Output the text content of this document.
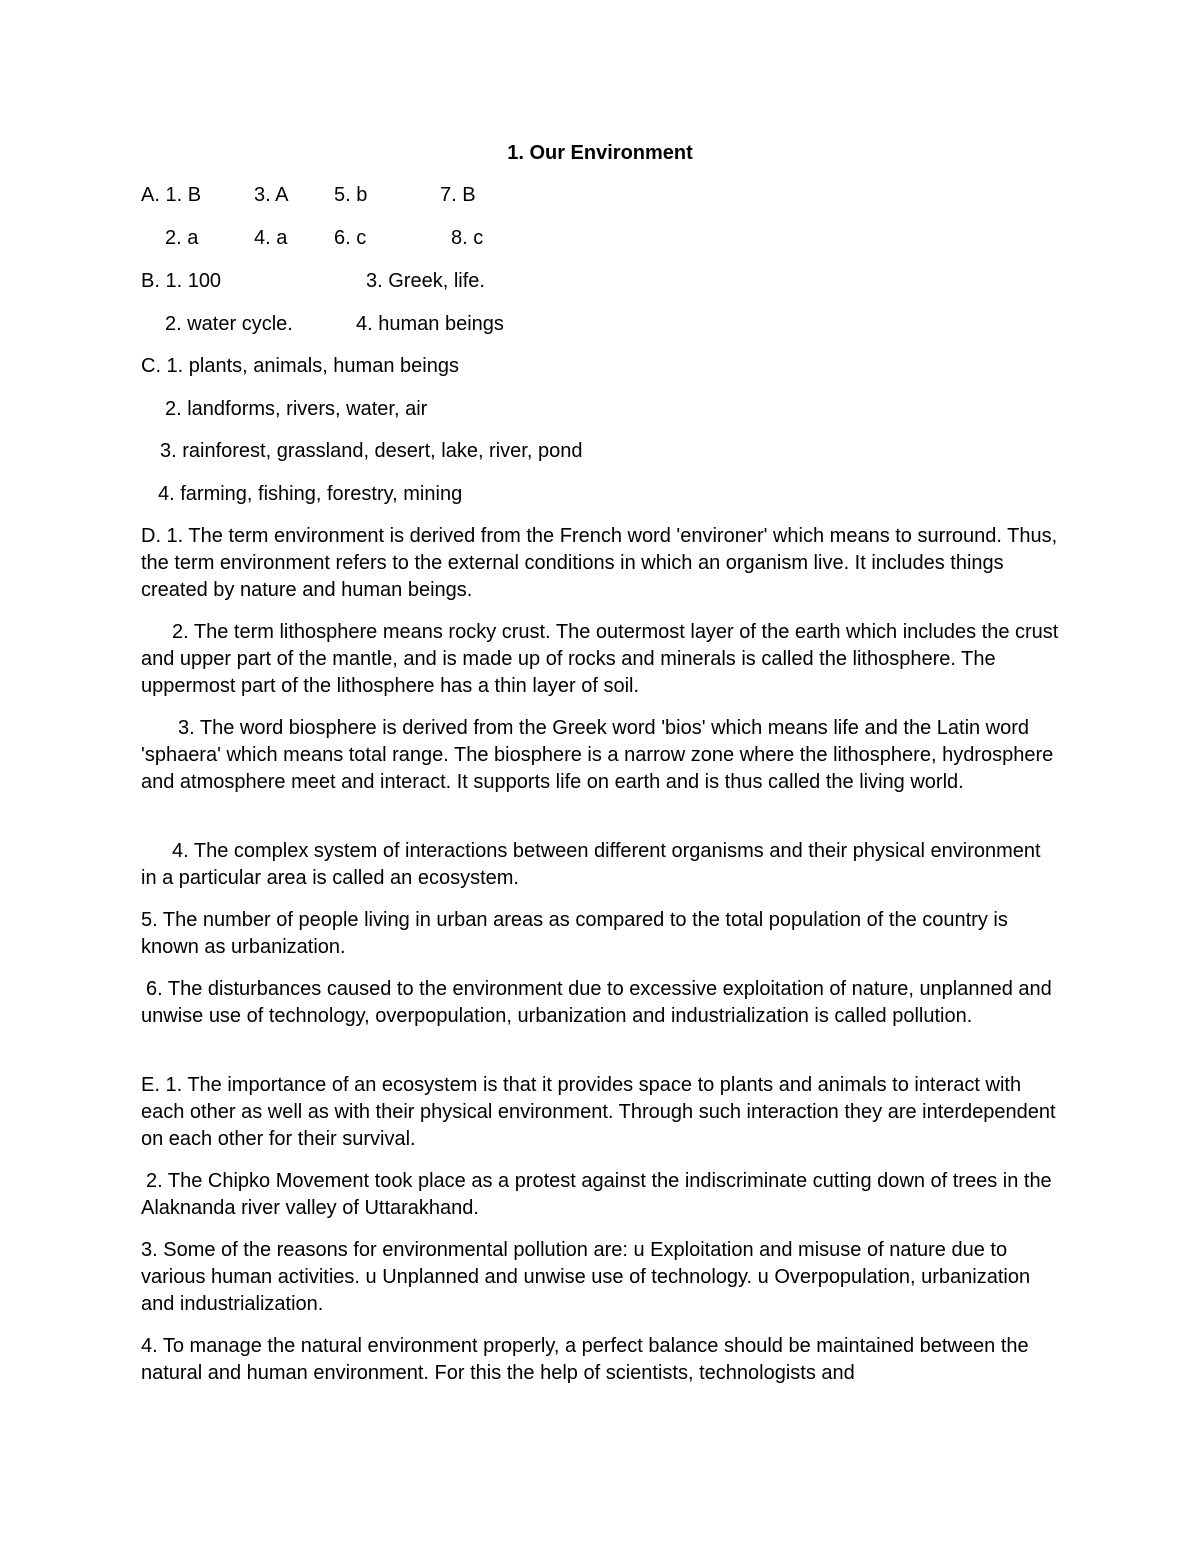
1. Our Environment
A. 1. B	3. A 5. b	7. B
2. a	4. a 6. c	8. c
B. 1. 100	3. Greek, life.
2. water cycle.	4. human beings
C. 1. plants, animals, human beings
2. landforms, rivers, water, air
3. rainforest, grassland, desert, lake, river, pond
4. farming, fishing, forestry, mining
D. 1. The term environment is derived from the French word 'environer' which means to surround. Thus, the term environment refers to the external conditions in which an organism live. It includes things created by nature and human beings.
2. The term lithosphere means rocky crust. The outermost layer of the earth which includes the crust and upper part of the mantle, and is made up of rocks and minerals is called the lithosphere. The uppermost part of the lithosphere has a thin layer of soil.
3. The word biosphere is derived from the Greek word 'bios' which means life and the Latin word 'sphaera' which means total range. The biosphere is a narrow zone where the lithosphere, hydrosphere and atmosphere meet and interact. It supports life on earth and is thus called the living world.
4. The complex system of interactions between different organisms and their physical environment in a particular area is called an ecosystem.
5. The number of people living in urban areas as compared to the total population of the country is known as urbanization.
6. The disturbances caused to the environment due to excessive exploitation of nature, unplanned and unwise use of technology, overpopulation, urbanization and industrialization is called pollution.
E. 1. The importance of an ecosystem is that it provides space to plants and animals to interact with each other as well as with their physical environment. Through such interaction they are interdependent on each other for their survival.
2. The Chipko Movement took place as a protest against the indiscriminate cutting down of trees in the Alaknanda river valley of Uttarakhand.
3. Some of the reasons for environmental pollution are: u Exploitation and misuse of nature due to various human activities. u Unplanned and unwise use of technology. u Overpopulation, urbanization and industrialization.
4. To manage the natural environment properly, a perfect balance should be maintained between the natural and human environment. For this the help of scientists, technologists and
